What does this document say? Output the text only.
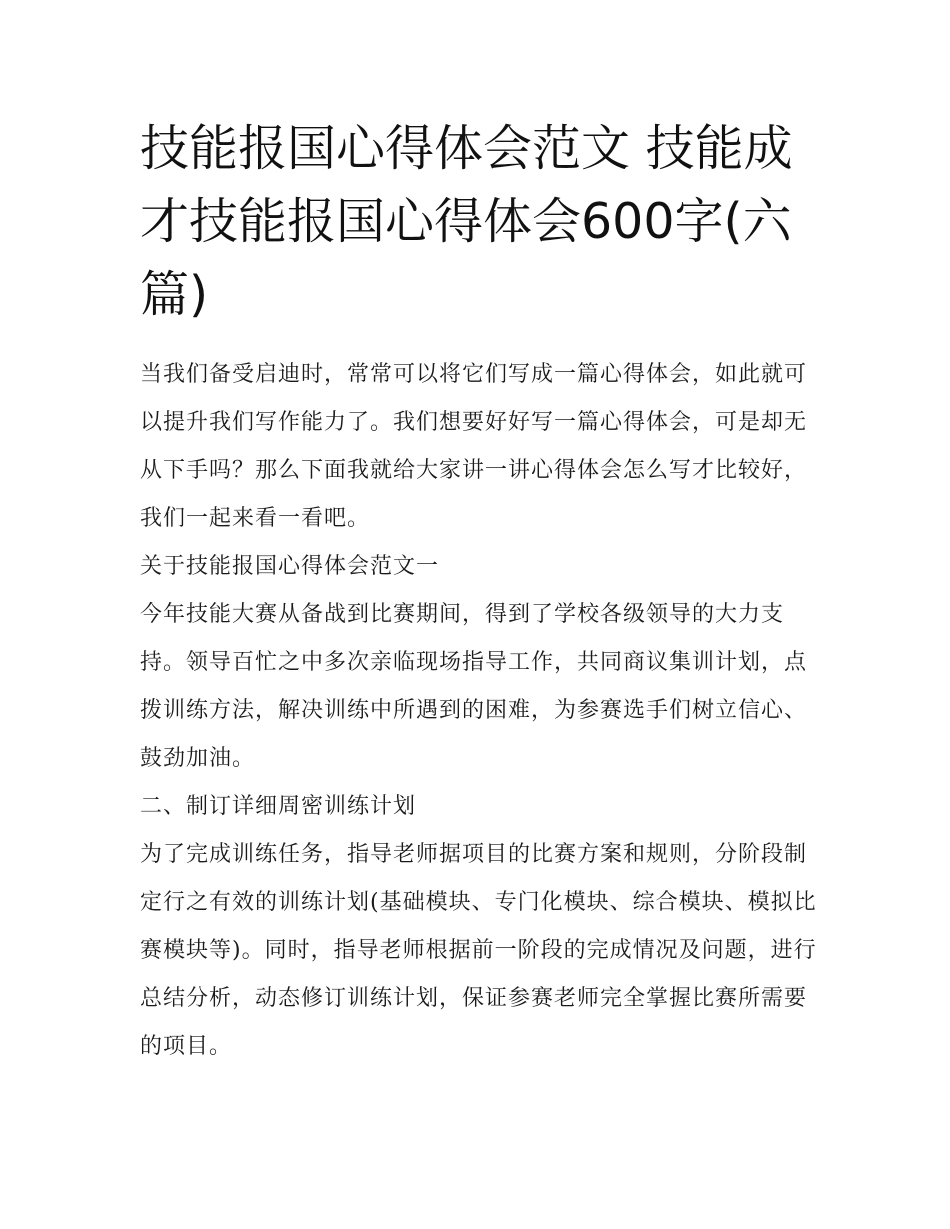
技能报国心得体会范文 技能成才技能报国心得体会600字(六篇)

当我们备受启迪时，常常可以将它们写成一篇心得体会，如此就可以提升我们写作能力了。我们想要好好写一篇心得体会，可是却无从下手吗？那么下面我就给大家讲一讲心得体会怎么写才比较好，我们一起来看一看吧。

关于技能报国心得体会范文一

今年技能大赛从备战到比赛期间，得到了学校各级领导的大力支持。领导百忙之中多次亲临现场指导工作，共同商议集训计划，点拨训练方法，解决训练中所遇到的困难，为参赛选手们树立信心、鼓劲加油。

二、制订详细周密训练计划

为了完成训练任务，指导老师据项目的比赛方案和规则，分阶段制定行之有效的训练计划(基础模块、专门化模块、综合模块、模拟比赛模块等)。同时，指导老师根据前一阶段的完成情况及问题，进行总结分析，动态修订训练计划，保证参赛老师完全掌握比赛所需要的项目。
